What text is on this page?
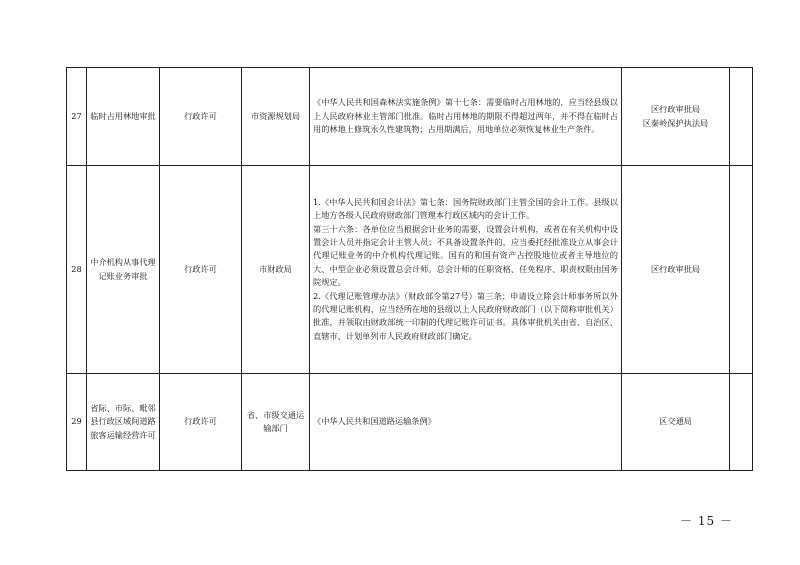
27	临时占用林地审批	行政许可	市资源规划局	《中华人民共和国森林法实施条例》第十七条：需要临时占用林地的，应当经县级以上人民政府林业主管部门批准。临时占用林地的期限不得超过两年，并不得在临时占用的林地上修筑永久性建筑物；占用期满后，用地单位必须恢复林业生产条件。	区行政审批局
区秦岭保护执法局	
28	中介机构从事代理记账业务审批	行政许可	市财政局	1.《中华人民共和国会计法》第七条：国务院财政部门主管全国的会计工作。县级以上地方各级人民政府财政部门管理本行政区域内的会计工作。
第三十六条：各单位应当根据会计业务的需要，设置会计机构，或者在有关机构中设置会计人员并指定会计主管人员；不具备设置条件的，应当委托经批准设立从事会计代理记账业务的中介机构代理记账。国有的和国有资产占控股地位或者主导地位的大、中型企业必须设置总会计师。总会计师的任职资格、任免程序、职责权限由国务院规定。
2.《代理记账管理办法》（财政部令第27号）第三条：申请设立除会计师事务所以外的代理记账机构，应当经所在地的县级以上人民政府财政部门（以下简称审批机关）批准，并领取由财政部统一印制的代理记账许可证书。具体审批机关由省、自治区、直辖市、计划单列市人民政府财政部门确定。	区行政审批局	
29	省际、市际、毗邻县行政区域间道路旅客运输经营许可	行政许可	省、市级交通运输部门	《中华人民共和国道路运输条例》	区交通局	
－ 15 －
